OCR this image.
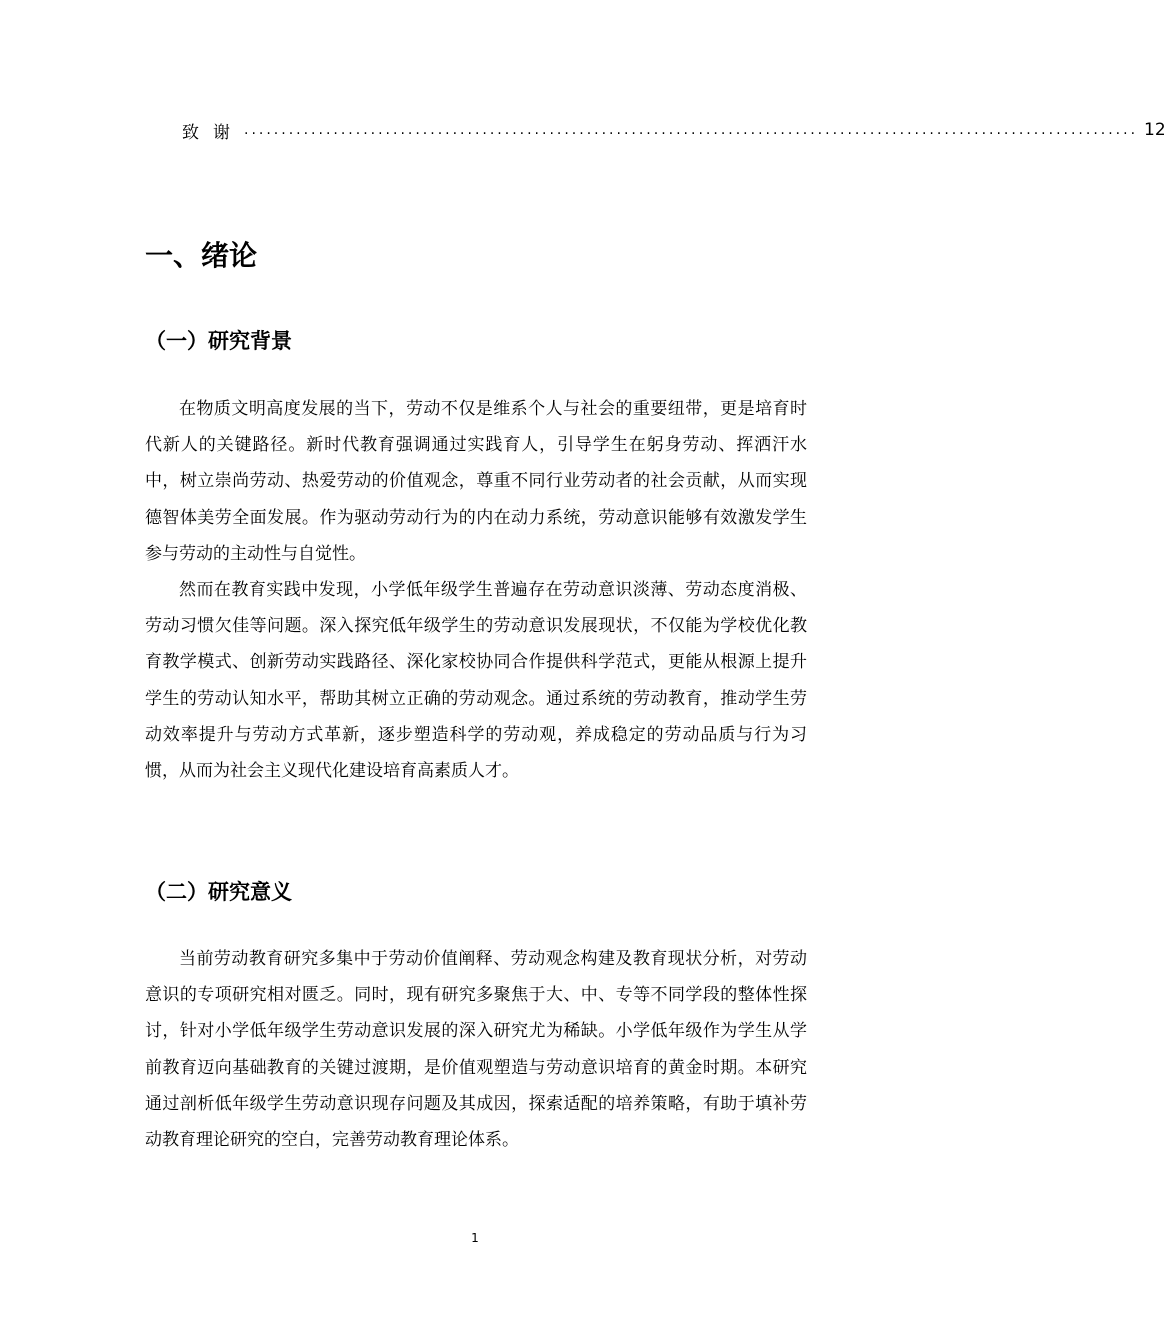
致谢 ........................................................................................................................ 12
一、绪论
（一）研究背景

在物质文明高度发展的当下，劳动不仅是维系个人与社会的重要纽带，更是培育时代新人的关键路径。新时代教育强调通过实践育人，引导学生在躬身劳动、挥洒汗水中，树立崇尚劳动、热爱劳动的价值观念，尊重不同行业劳动者的社会贡献，从而实现德智体美劳全面发展。作为驱动劳动行为的内在动力系统，劳动意识能够有效激发学生参与劳动的主动性与自觉性。

然而在教育实践中发现，小学低年级学生普遍存在劳动意识淡薄、劳动态度消极、劳动习惯欠佳等问题。深入探究低年级学生的劳动意识发展现状，不仅能为学校优化教育教学模式、创新劳动实践路径、深化家校协同合作提供科学范式，更能从根源上提升学生的劳动认知水平，帮助其树立正确的劳动观念。通过系统的劳动教育，推动学生劳动效率提升与劳动方式革新，逐步塑造科学的劳动观，养成稳定的劳动品质与行为习惯，从而为社会主义现代化建设培育高素质人才。

（二）研究意义

当前劳动教育研究多集中于劳动价值阐释、劳动观念构建及教育现状分析，对劳动意识的专项研究相对匮乏。同时，现有研究多聚焦于大、中、专等不同学段的整体性探讨，针对小学低年级学生劳动意识发展的深入研究尤为稀缺。小学低年级作为学生从学前教育迈向基础教育的关键过渡期，是价值观塑造与劳动意识培育的黄金时期。本研究通过剖析低年级学生劳动意识现存问题及其成因，探索适配的培养策略，有助于填补劳动教育理论研究的空白，完善劳动教育理论体系。

1
